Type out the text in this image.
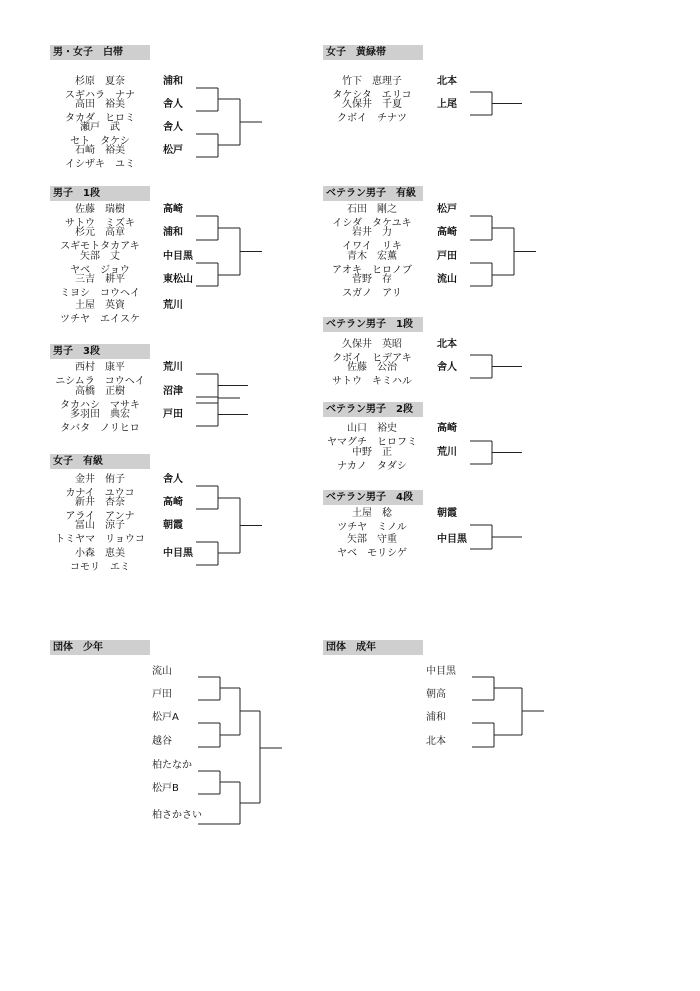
男・女子　白帯
杉原　夏奈	浦和
スギハラ　ナナ
高田　裕美	舎人
タカダ　ヒロミ
瀬戸　武	舎人
セト　タケシ
石崎　裕美	松戸
イシザキ　ユミ
女子　黄緑帯
竹下　恵理子	北本
タケシタ　エリコ
久保井　千夏	上尾
クボイ　チナツ
男子　1段
佐藤　瑞樹	高崎
サトウ　ミズキ
杉元　高章	浦和
スギモトタカアキ
矢部　丈	中目黒
ヤベ　ジョウ
三吉　耕平	東松山
ミヨシ　コウヘイ
土屋　英資	荒川
ツチヤ　エイスケ
ベテラン男子　有級
石田　剛之	松戸
イシダ　タケユキ
岩井　力	高崎
イワイ　リキ
青木　宏薫	戸田
アオキ　ヒロノブ
菅野　存	流山
スガノ　アリ
男子　3段
西村　康平	荒川
ニシムラ　コウヘイ
高橋　正樹	沼津
タカハシ　マサキ
多羽田　典宏	戸田
タバタ　ノリヒロ
ベテラン男子　1段
久保井　英昭	北本
クボイ　ヒデアキ
佐藤　公治	舎人
サトウ　キミハル
ベテラン男子　2段
山口　裕史	高崎
ヤマグチ　ヒロフミ
中野　正	荒川
ナカノ　タダシ
女子　有級
金井　侑子	舎人
カナイ　ユウコ
新井　杏奈	高崎
アライ　アンナ
冨山　涼子	朝霞
トミヤマ　リョウコ
小森　恵美	中目黒
コモリ　エミ
ベテラン男子　4段
土屋　稔	朝霞
ツチヤ　ミノル
矢部　守重	中目黒
ヤベ　モリシゲ
団体　少年
流山
戸田
松戸A
越谷
柏たなか
松戸B
柏さかさい
団体　成年
中目黒
朝高
浦和
北本
